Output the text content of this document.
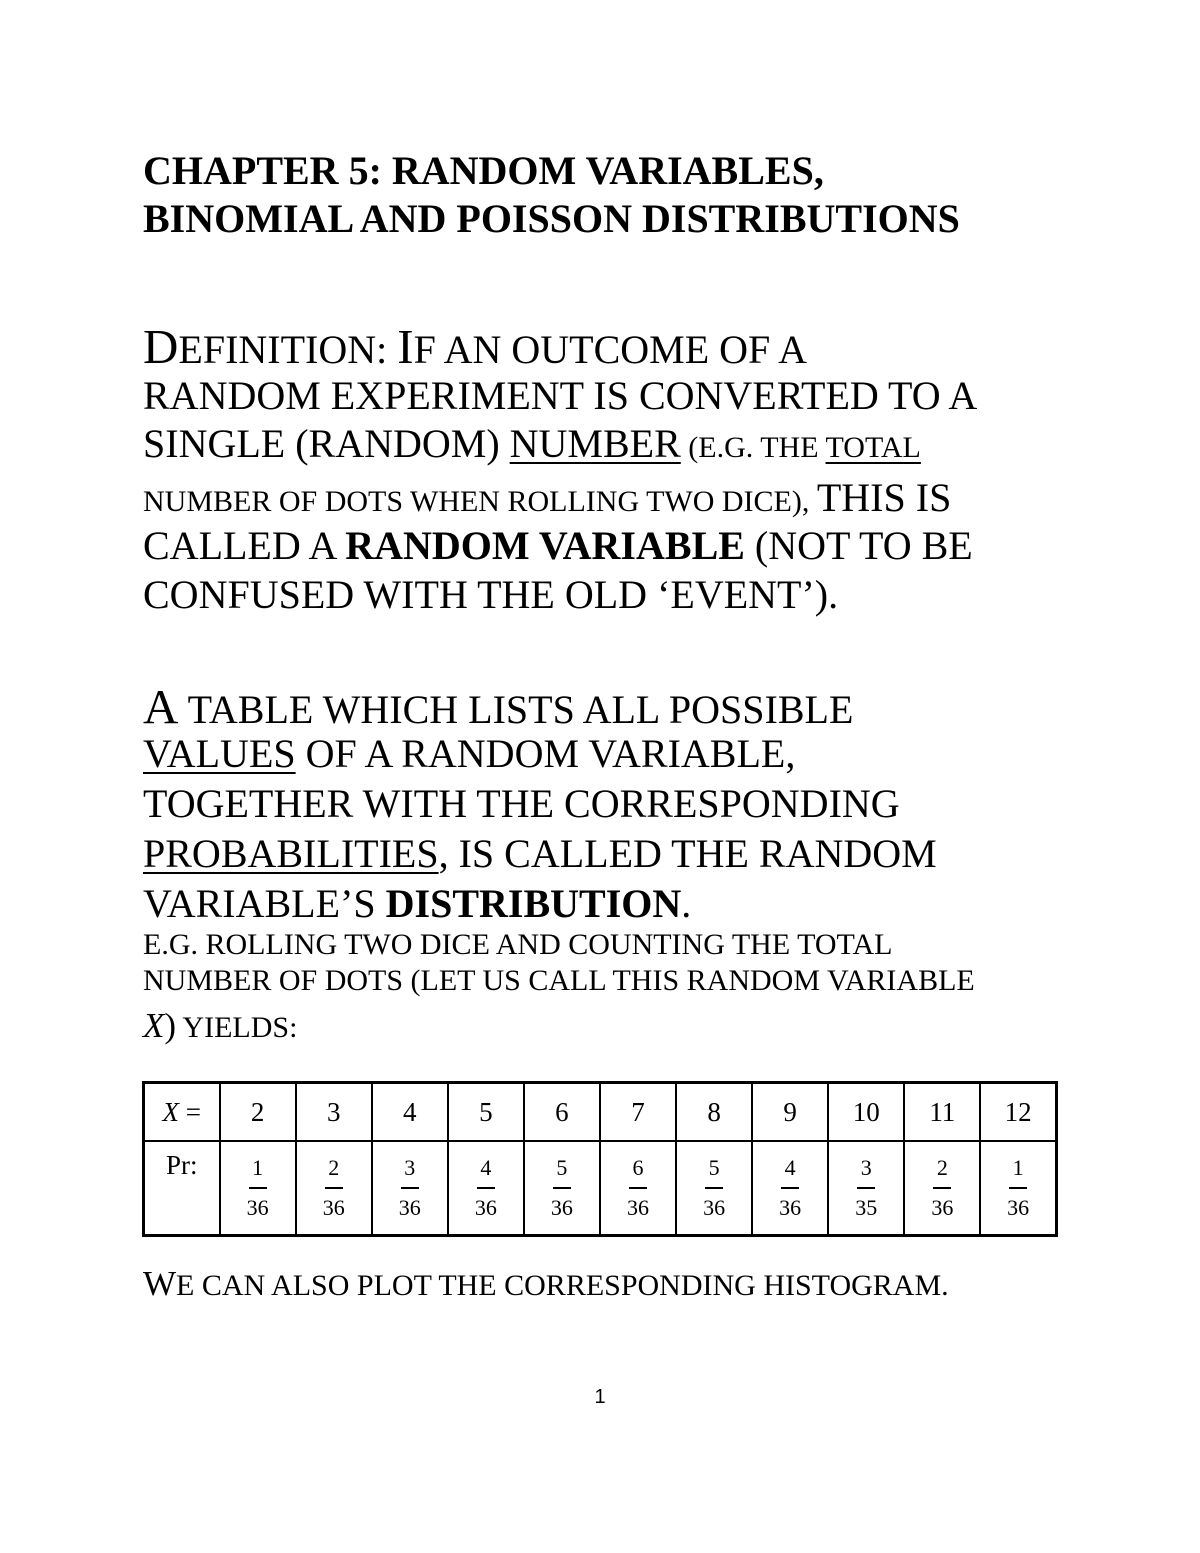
CHAPTER 5: RANDOM VARIABLES,
BINOMIAL AND POISSON DISTRIBUTIONS
DEFINITION: IF AN OUTCOME OF A
RANDOM EXPERIMENT IS CONVERTED TO A
SINGLE (RANDOM) NUMBER (E.G. THE TOTAL
NUMBER OF DOTS WHEN ROLLING TWO DICE), THIS IS
CALLED A RANDOM VARIABLE (NOT TO BE
CONFUSED WITH THE OLD ‘EVENT’).
A TABLE WHICH LISTS ALL POSSIBLE
VALUES OF A RANDOM VARIABLE,
TOGETHER WITH THE CORRESPONDING
PROBABILITIES, IS CALLED THE RANDOM
VARIABLE’S DISTRIBUTION.
E.G. ROLLING TWO DICE AND COUNTING THE TOTAL
NUMBER OF DOTS (LET US CALL THIS RANDOM VARIABLE
X) YIELDS:
X =	2	3	4	5	6	7	8	9	10	11	12
Pr:	$\frac{1}{36}$	$\frac{2}{36}$	$\frac{3}{36}$	$\frac{4}{36}$	$\frac{5}{36}$	$\frac{6}{36}$	$\frac{5}{36}$	$\frac{4}{36}$	$\frac{3}{35}$	$\frac{2}{36}$	$\frac{1}{36}$
WE CAN ALSO PLOT THE CORRESPONDING HISTOGRAM.
1
